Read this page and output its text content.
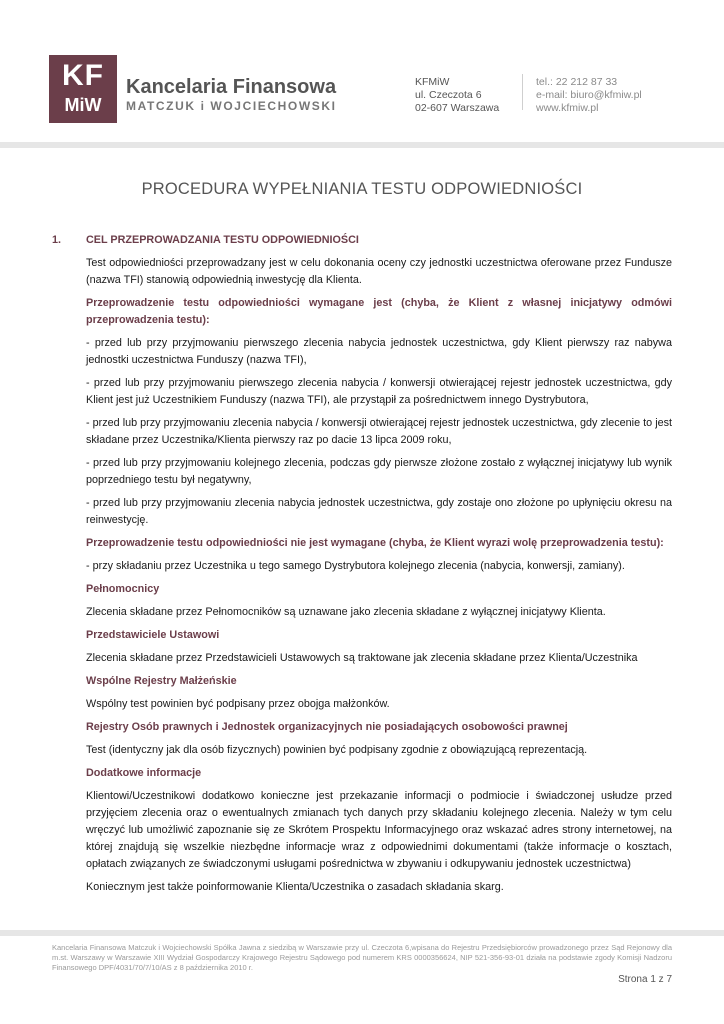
KF
MiW
Kancelaria Finansowa
MATCZUK i WOJCIECHOWSKI
KFMiW
ul. Czeczota 6
02-607 Warszawa
tel.: 22 212 87 33
e-mail: biuro@kfmiw.pl
www.kfmiw.pl
PROCEDURA WYPEŁNIANIA TESTU ODPOWIEDNIOŚCI
1. CEL PRZEPROWADZANIA TESTU ODPOWIEDNIOŚCI

Test odpowiedniości przeprowadzany jest w celu dokonania oceny czy jednostki uczestnictwa oferowane przez Fundusze (nazwa TFI) stanowią odpowiednią inwestycję dla Klienta.

Przeprowadzenie testu odpowiedniości wymagane jest (chyba, że Klient z własnej inicjatywy odmówi przeprowadzenia testu):

- przed lub przy przyjmowaniu pierwszego zlecenia nabycia jednostek uczestnictwa, gdy Klient pierwszy raz nabywa jednostki uczestnictwa Funduszy (nazwa TFI),

- przed lub przy przyjmowaniu pierwszego zlecenia nabycia / konwersji otwierającej rejestr jednostek uczestnictwa, gdy Klient jest już Uczestnikiem Funduszy (nazwa TFI), ale przystąpił za pośrednictwem innego Dystrybutora,

- przed lub przy przyjmowaniu zlecenia nabycia / konwersji otwierającej rejestr jednostek uczestnictwa, gdy zlecenie to jest składane przez Uczestnika/Klienta pierwszy raz po dacie 13 lipca 2009 roku,

- przed lub przy przyjmowaniu kolejnego zlecenia, podczas gdy pierwsze złożone zostało z wyłącznej inicjatywy lub wynik poprzedniego testu był negatywny,

- przed lub przy przyjmowaniu zlecenia nabycia jednostek uczestnictwa, gdy zostaje ono złożone po upłynięciu okresu na reinwestycję.

Przeprowadzenie testu odpowiedniości nie jest wymagane (chyba, że Klient wyrazi wolę przeprowadzenia testu):

- przy składaniu przez Uczestnika u tego samego Dystrybutora kolejnego zlecenia (nabycia, konwersji, zamiany).

Pełnomocnicy

Zlecenia składane przez Pełnomocników są uznawane jako zlecenia składane z wyłącznej inicjatywy Klienta.

Przedstawiciele Ustawowi

Zlecenia składane przez Przedstawicieli Ustawowych są traktowane jak zlecenia składane przez Klienta/Uczestnika

Wspólne Rejestry Małżeńskie

Wspólny test powinien być podpisany przez obojga małżonków.

Rejestry Osób prawnych i Jednostek organizacyjnych nie posiadających osobowości prawnej

Test (identyczny jak dla osób fizycznych) powinien być podpisany zgodnie z obowiązującą reprezentacją.

Dodatkowe informacje

Klientowi/Uczestnikowi dodatkowo konieczne jest przekazanie informacji o podmiocie i świadczonej usłudze przed przyjęciem zlecenia oraz o ewentualnych zmianach tych danych przy składaniu kolejnego zlecenia. Należy w tym celu wręczyć lub umożliwić zapoznanie się ze Skrótem Prospektu Informacyjnego oraz wskazać adres strony internetowej, na której znajdują się wszelkie niezbędne informacje wraz z odpowiednimi dokumentami (także informacje o kosztach, opłatach związanych ze świadczonymi usługami pośrednictwa w zbywaniu i odkupywaniu jednostek uczestnictwa)

Koniecznym jest także poinformowanie Klienta/Uczestnika o zasadach składania skarg.

Kancelaria Finansowa Matczuk i Wojciechowski Spółka Jawna z siedzibą w Warszawie przy ul. Czeczota 6,wpisana do Rejestru Przedsiębiorców prowadzonego przez Sąd Rejonowy dla m.st. Warszawy w Warszawie XIII Wydział Gospodarczy Krajowego Rejestru Sądowego pod numerem KRS 0000356624, NIP 521-356-93-01 działa na podstawie zgody Komisji Nadzoru Finansowego DPF/4031/70/7/10/AS z 8 października 2010 r.
Strona 1 z 7
